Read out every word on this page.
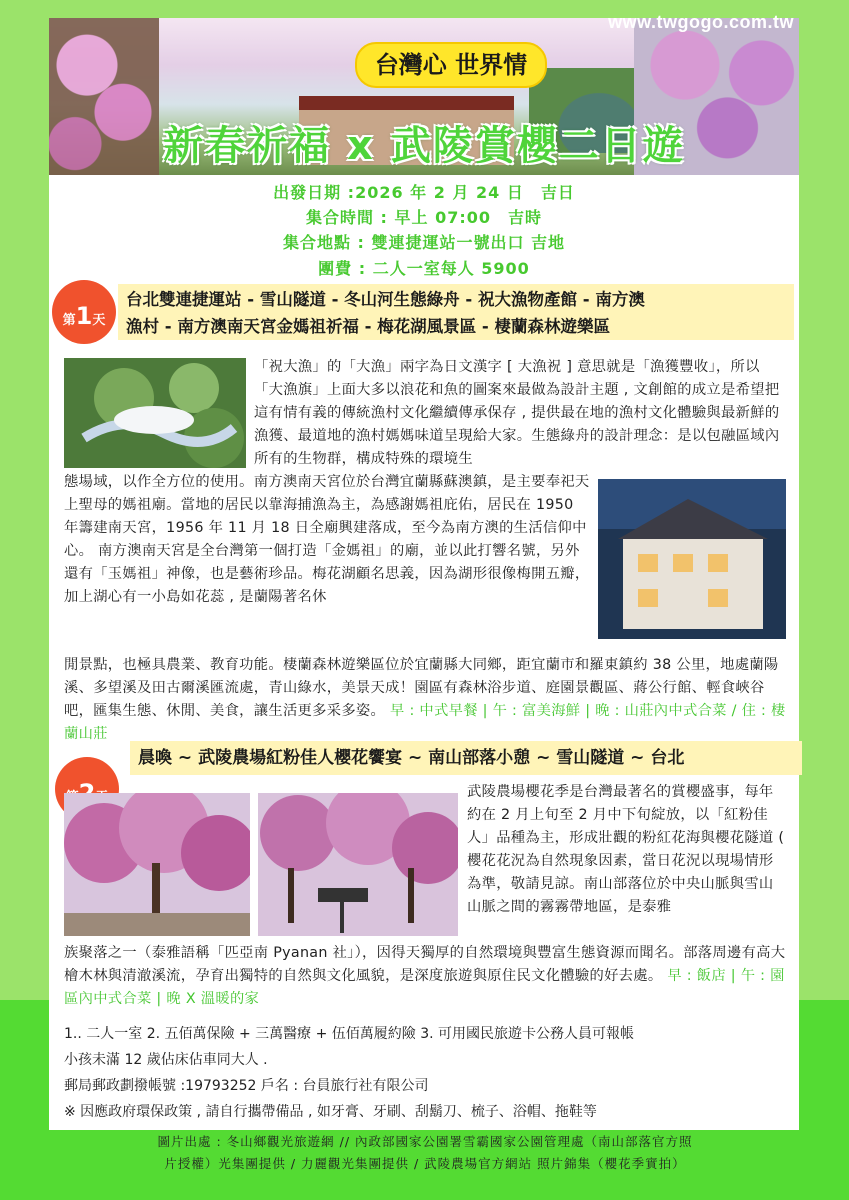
台灣心 世界情
www.twgogo.com.tw
新春祈福 x 武陵賞櫻二日遊
出發日期 :2026 年 2 月 24 日　吉日
集合時間 : 早上 07:00　吉時
集合地點 : 雙連捷運站一號出口 吉地
團費 : 二人一室每人 5900
第1天
台北雙連捷運站 - 雪山隧道 - 冬山河生態綠舟 - 祝大漁物產館 - 南方澳
漁村 - 南方澳南天宮金媽祖祈福 - 梅花湖風景區 - 棲蘭森林遊樂區
「祝大漁」的「大漁」兩字為日文漢字 [ 大漁祝 ] 意思就是「漁獲豐收」，所以「大漁旗」上面大多以浪花和魚的圖案來最做為設計主題 , 文創館的成立是希望把這有情有義的傳統漁村文化繼續傳承保存 , 提供最在地的漁村文化體驗與最新鮮的漁獲、最道地的漁村媽媽味道呈現給大家。生態綠舟的設計理念：是以包融區域內所有的生物群，構成特殊的環境生
態場域，以作全方位的使用。南方澳南天宮位於台灣宜蘭縣蘇澳鎮，是主要奉祀天上聖母的媽祖廟。當地的居民以靠海捕漁為主，為感謝媽祖庇佑，居民在 1950 年籌建南天宮，1956 年 11 月 18 日全廟興建落成，至今為南方澳的生活信仰中心。 南方澳南天宮是全台灣第一個打造「金媽祖」的廟，並以此打響名號，另外還有「玉媽祖」神像，也是藝術珍品。梅花湖顧名思義，因為湖形很像梅開五瓣，加上湖心有一小島如花蕊 , 是蘭陽著名休
閒景點，也極具農業、教育功能。棲蘭森林遊樂區位於宜蘭縣大同鄉，距宜蘭市和羅東鎮約 38 公里，地處蘭陽溪、多望溪及田古爾溪匯流處，青山綠水，美景天成！園區有森林浴步道、庭園景觀區、蔣公行館、輕食峽谷吧，匯集生態、休閒、美食，讓生活更多采多姿。 早 : 中式早餐 | 午 : 富美海鮮 | 晚 : 山莊內中式合菜 / 住 : 棲蘭山莊
晨喚 ~ 武陵農場紅粉佳人櫻花饗宴 ~ 南山部落小憩 ~ 雪山隧道 ~ 台北
武陵農場櫻花季是台灣最著名的賞櫻盛事，每年約在 2 月上旬至 2 月中下旬綻放，以「紅粉佳人」品種為主，形成壯觀的粉紅花海與櫻花隧道 ( 櫻花花況為自然現象因素，當日花況以現場情形為準，敬請見諒。南山部落位於中央山脈與雪山山脈之間的霧霧帶地區，是泰雅
族聚落之一（泰雅語稱「匹亞南 Pyanan 社」），因得天獨厚的自然環境與豐富生態資源而聞名。部落周邊有高大檜木林與清澈溪流，孕育出獨特的自然與文化風貌，是深度旅遊與原住民文化體驗的好去處。 早 : 飯店 | 午 : 園區內中式合菜 | 晚 X 溫暖的家
1.. 二人一室 2. 五佰萬保險 + 三萬醫療 + 伍佰萬履約險 3. 可用國民旅遊卡公務人員可報帳
小孩未滿 12 歲佔床佔車同大人 .
郵局郵政劃撥帳號 :19793252 戶名 : 台員旅行社有限公司
※ 因應政府環保政策 , 請自行攜帶備品 , 如牙膏、牙刷、刮鬍刀、梳子、浴帽、拖鞋等
圖片出處 : 冬山鄉觀光旅遊網 // 內政部國家公園署雪霸國家公園管理處（南山部落官方照
片授權）光集團提供 / 力麗觀光集團提供 / 武陵農場官方網站 照片錦集（櫻花季實拍）
